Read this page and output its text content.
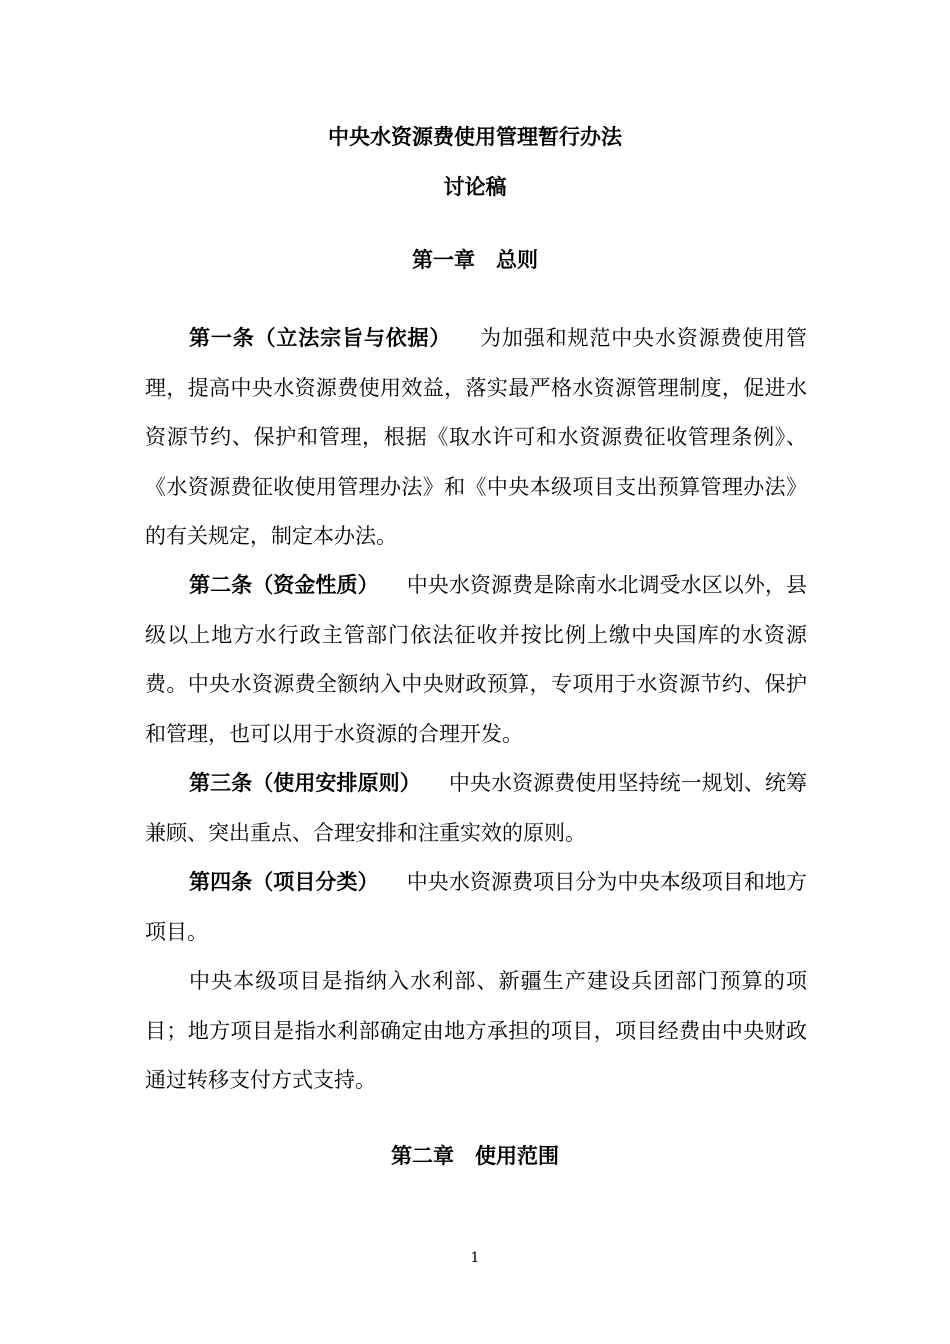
中央水资源费使用管理暂行办法
讨论稿
第一章　总则

第一条（立法宗旨与依据） 为加强和规范中央水资源费使用管理，提高中央水资源费使用效益，落实最严格水资源管理制度，促进水资源节约、保护和管理，根据《取水许可和水资源费征收管理条例》、《水资源费征收使用管理办法》和《中央本级项目支出预算管理办法》的有关规定，制定本办法。

第二条（资金性质） 中央水资源费是除南水北调受水区以外，县级以上地方水行政主管部门依法征收并按比例上缴中央国库的水资源费。中央水资源费全额纳入中央财政预算，专项用于水资源节约、保护和管理，也可以用于水资源的合理开发。

第三条（使用安排原则） 中央水资源费使用坚持统一规划、统筹兼顾、突出重点、合理安排和注重实效的原则。

第四条（项目分类） 中央水资源费项目分为中央本级项目和地方项目。

中央本级项目是指纳入水利部、新疆生产建设兵团部门预算的项目；地方项目是指水利部确定由地方承担的项目，项目经费由中央财政通过转移支付方式支持。

第二章　使用范围
1
